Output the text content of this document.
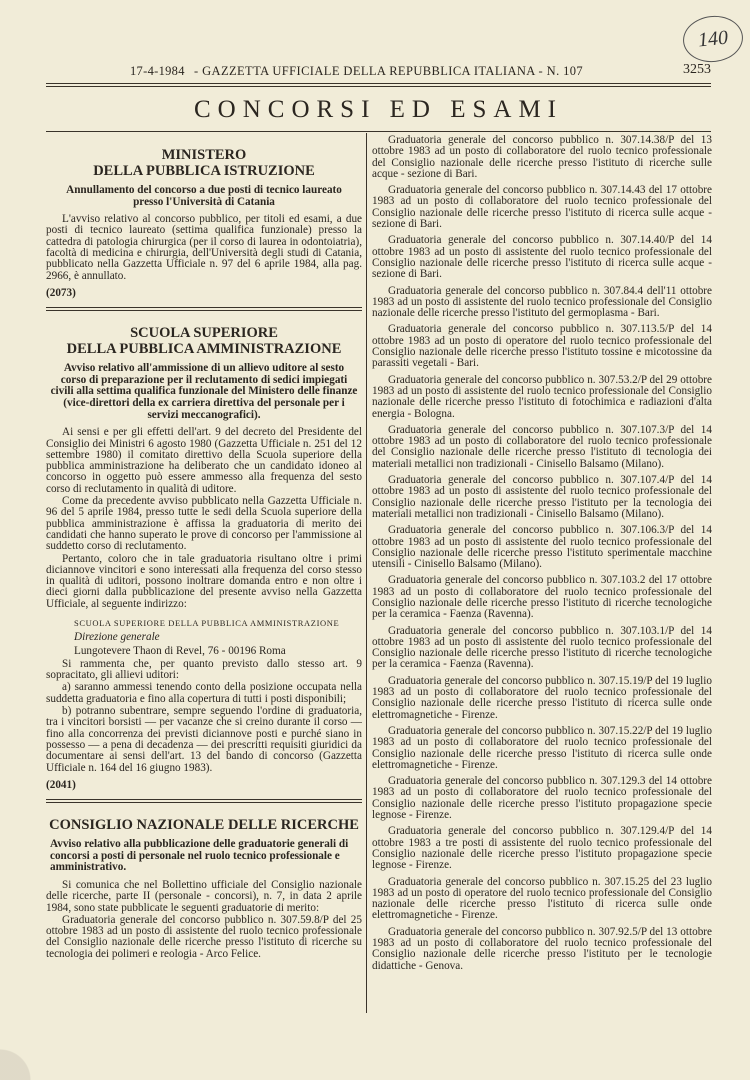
140
17-4-1984 - GAZZETTA UFFICIALE DELLA REPUBBLICA ITALIANA - N. 107	3253
CONCORSI ED ESAMI
MINISTERO
DELLA PUBBLICA ISTRUZIONE
Annullamento del concorso a due posti di tecnico laureato presso l'Università di Catania

L'avviso relativo al concorso pubblico, per titoli ed esami, a due posti di tecnico laureato (settima qualifica funzionale) presso la cattedra di patologia chirurgica (per il corso di laurea in odontoiatria), facoltà di medicina e chirurgia, dell'Università degli studi di Catania, pubblicato nella Gazzetta Ufficiale n. 97 del 6 aprile 1984, alla pag. 2966, è annullato.

(2073)
SCUOLA SUPERIORE
DELLA PUBBLICA AMMINISTRAZIONE
Avviso relativo all'ammissione di un allievo uditore al sesto corso di preparazione per il reclutamento di sedici impiegati civili alla settima qualifica funzionale del Ministero delle finanze (vice-direttori della ex carriera direttiva del personale per i servizi meccanografici).

Ai sensi e per gli effetti dell'art. 9 del decreto del Presidente del Consiglio dei Ministri 6 agosto 1980 (Gazzetta Ufficiale n. 251 del 12 settembre 1980) il comitato direttivo della Scuola superiore della pubblica amministrazione ha deliberato che un candidato idoneo al concorso in oggetto può essere ammesso alla frequenza del sesto corso di reclutamento in qualità di uditore.

Come da precedente avviso pubblicato nella Gazzetta Ufficiale n. 96 del 5 aprile 1984, presso tutte le sedi della Scuola superiore della pubblica amministrazione è affissa la graduatoria di merito dei candidati che hanno superato le prove di concorso per l'ammissione al suddetto corso di reclutamento.

Pertanto, coloro che in tale graduatoria risultano oltre i primi diciannove vincitori e sono interessati alla frequenza del corso stesso in qualità di uditori, possono inoltrare domanda entro e non oltre i dieci giorni dalla pubblicazione del presente avviso nella Gazzetta Ufficiale, al seguente indirizzo:

SCUOLA SUPERIORE DELLA PUBBLICA AMMINISTRAZIONE

Direzione generale

Lungotevere Thaon di Revel, 76 - 00196 Roma

Si rammenta che, per quanto previsto dallo stesso art. 9 sopracitato, gli allievi uditori:

a) saranno ammessi tenendo conto della posizione occupata nella suddetta graduatoria e fino alla copertura di tutti i posti disponibili;

b) potranno subentrare, sempre seguendo l'ordine di graduatoria, tra i vincitori borsisti — per vacanze che si creino durante il corso — fino alla concorrenza dei previsti diciannove posti e purché siano in possesso — a pena di decadenza — dei prescritti requisiti giuridici da documentare ai sensi dell'art. 13 del bando di concorso (Gazzetta Ufficiale n. 164 del 16 giugno 1983).

(2041)
CONSIGLIO NAZIONALE DELLE RICERCHE
Avviso relativo alla pubblicazione delle graduatorie generali di concorsi a posti di personale nel ruolo tecnico professionale e amministrativo.

Si comunica che nel Bollettino ufficiale del Consiglio nazionale delle ricerche, parte II (personale - concorsi), n. 7, in data 2 aprile 1984, sono state pubblicate le seguenti graduatorie di merito:

Graduatoria generale del concorso pubblico n. 307.59.8/P del 25 ottobre 1983 ad un posto di assistente del ruolo tecnico professionale del Consiglio nazionale delle ricerche presso l'istituto di ricerche su tecnologia dei polimeri e reologia - Arco Felice.

Graduatoria generale del concorso pubblico n. 307.14.38/P del 13 ottobre 1983 ad un posto di collaboratore del ruolo tecnico professionale del Consiglio nazionale delle ricerche presso l'istituto di ricerche sulle acque - sezione di Bari.

Graduatoria generale del concorso pubblico n. 307.14.43 del 17 ottobre 1983 ad un posto di collaboratore del ruolo tecnico professionale del Consiglio nazionale delle ricerche presso l'istituto di ricerca sulle acque - sezione di Bari.

Graduatoria generale del concorso pubblico n. 307.14.40/P del 14 ottobre 1983 ad un posto di assistente del ruolo tecnico professionale del Consiglio nazionale delle ricerche presso l'istituto di ricerca sulle acque - sezione di Bari.

Graduatoria generale del concorso pubblico n. 307.84.4 dell'11 ottobre 1983 ad un posto di assistente del ruolo tecnico professionale del Consiglio nazionale delle ricerche presso l'istituto del germoplasma - Bari.

Graduatoria generale del concorso pubblico n. 307.113.5/P del 14 ottobre 1983 ad un posto di operatore del ruolo tecnico professionale del Consiglio nazionale delle ricerche presso l'istituto tossine e micotossine da parassiti vegetali - Bari.

Graduatoria generale del concorso pubblico n. 307.53.2/P del 29 ottobre 1983 ad un posto di assistente del ruolo tecnico professionale del Consiglio nazionale delle ricerche presso l'istituto di fotochimica e radiazioni d'alta energia - Bologna.

Graduatoria generale del concorso pubblico n. 307.107.3/P del 14 ottobre 1983 ad un posto di collaboratore del ruolo tecnico professionale del Consiglio nazionale delle ricerche presso l'istituto di tecnologia dei materiali metallici non tradizionali - Cinisello Balsamo (Milano).

Graduatoria generale del concorso pubblico n. 307.107.4/P del 14 ottobre 1983 ad un posto di assistente del ruolo tecnico professionale del Consiglio nazionale delle ricerche presso l'istituto per la tecnologia dei materiali metallici non tradizionali - Cinisello Balsamo (Milano).

Graduatoria generale del concorso pubblico n. 307.106.3/P del 14 ottobre 1983 ad un posto di assistente del ruolo tecnico professionale del Consiglio nazionale delle ricerche presso l'istituto sperimentale macchine utensili - Cinisello Balsamo (Milano).

Graduatoria generale del concorso pubblico n. 307.103.2 del 17 ottobre 1983 ad un posto di collaboratore del ruolo tecnico professionale del Consiglio nazionale delle ricerche presso l'istituto di ricerche tecnologiche per la ceramica - Faenza (Ravenna).

Graduatoria generale del concorso pubblico n. 307.103.1/P del 14 ottobre 1983 ad un posto di assistente del ruolo tecnico professionale del Consiglio nazionale delle ricerche presso l'istituto di ricerche tecnologiche per la ceramica - Faenza (Ravenna).

Graduatoria generale del concorso pubblico n. 307.15.19/P del 19 luglio 1983 ad un posto di collaboratore del ruolo tecnico professionale del Consiglio nazionale delle ricerche presso l'istituto di ricerca sulle onde elettromagnetiche - Firenze.

Graduatoria generale del concorso pubblico n. 307.15.22/P del 19 luglio 1983 ad un posto di collaboratore del ruolo tecnico professionale del Consiglio nazionale delle ricerche presso l'istituto di ricerca sulle onde elettromagnetiche - Firenze.

Graduatoria generale del concorso pubblico n. 307.129.3 del 14 ottobre 1983 ad un posto di collaboratore del ruolo tecnico professionale del Consiglio nazionale delle ricerche presso l'istituto propagazione specie legnose - Firenze.

Graduatoria generale del concorso pubblico n. 307.129.4/P del 14 ottobre 1983 a tre posti di assistente del ruolo tecnico professionale del Consiglio nazionale delle ricerche presso l'istituto propagazione specie legnose - Firenze.

Graduatoria generale del concorso pubblico n. 307.15.25 del 23 luglio 1983 ad un posto di operatore del ruolo tecnico professionale del Consiglio nazionale delle ricerche presso l'istituto di ricerca sulle onde elettromagnetiche - Firenze.

Graduatoria generale del concorso pubblico n. 307.92.5/P del 13 ottobre 1983 ad un posto di collaboratore del ruolo tecnico professionale del Consiglio nazionale delle ricerche presso l'istituto per le tecnologie didattiche - Genova.
